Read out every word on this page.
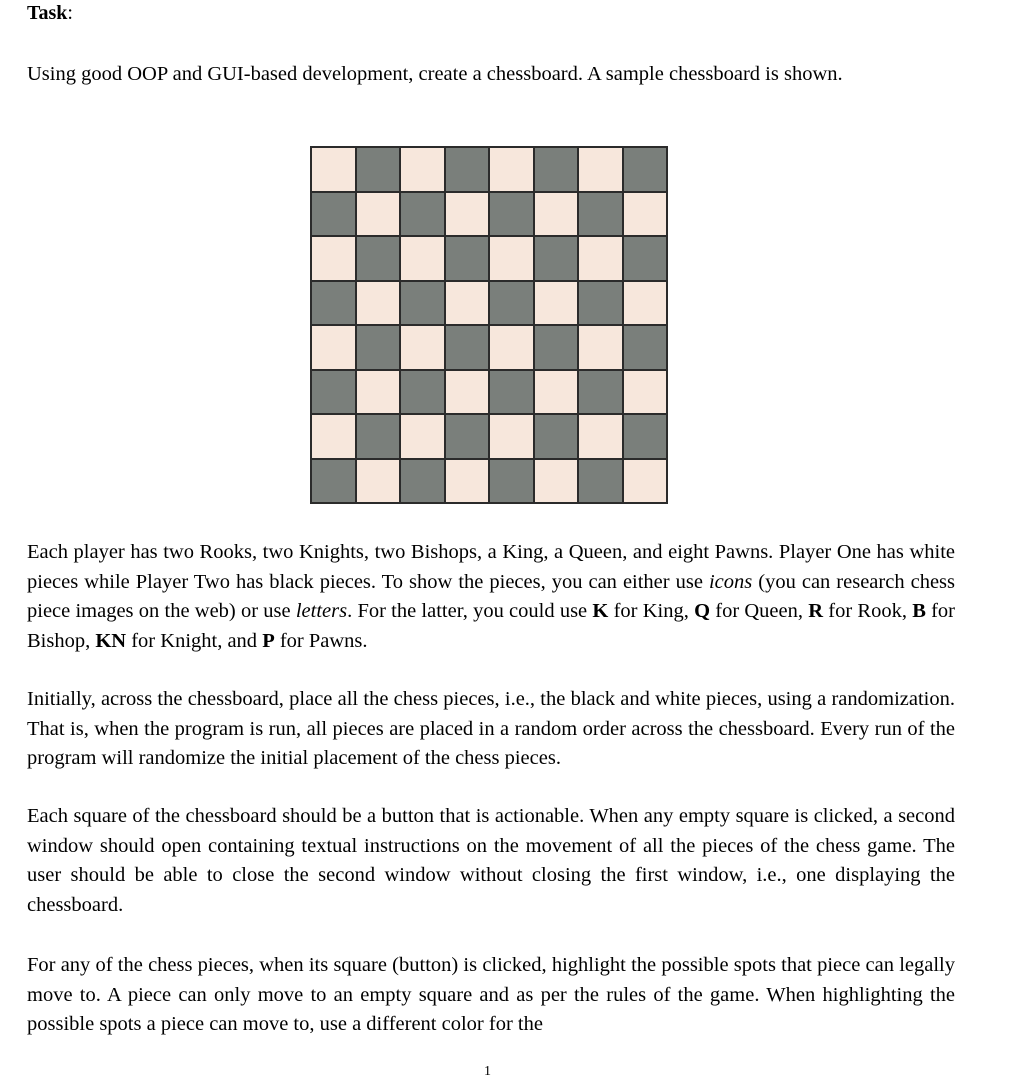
Task:

Using good OOP and GUI-based development, create a chessboard. A sample chessboard is shown.

Each player has two Rooks, two Knights, two Bishops, a King, a Queen, and eight Pawns. Player One has white pieces while Player Two has black pieces. To show the pieces, you can either use icons (you can research chess piece images on the web) or use letters. For the latter, you could use K for King, Q for Queen, R for Rook, B for Bishop, KN for Knight, and P for Pawns.

Initially, across the chessboard, place all the chess pieces, i.e., the black and white pieces, using a randomization. That is, when the program is run, all pieces are placed in a random order across the chessboard. Every run of the program will randomize the initial placement of the chess pieces.

Each square of the chessboard should be a button that is actionable. When any empty square is clicked, a second window should open containing textual instructions on the movement of all the pieces of the chess game. The user should be able to close the second window without closing the first window, i.e., one displaying the chessboard.

For any of the chess pieces, when its square (button) is clicked, highlight the possible spots that piece can legally move to. A piece can only move to an empty square and as per the rules of the game. When highlighting the possible spots a piece can move to, use a different color for the

1
